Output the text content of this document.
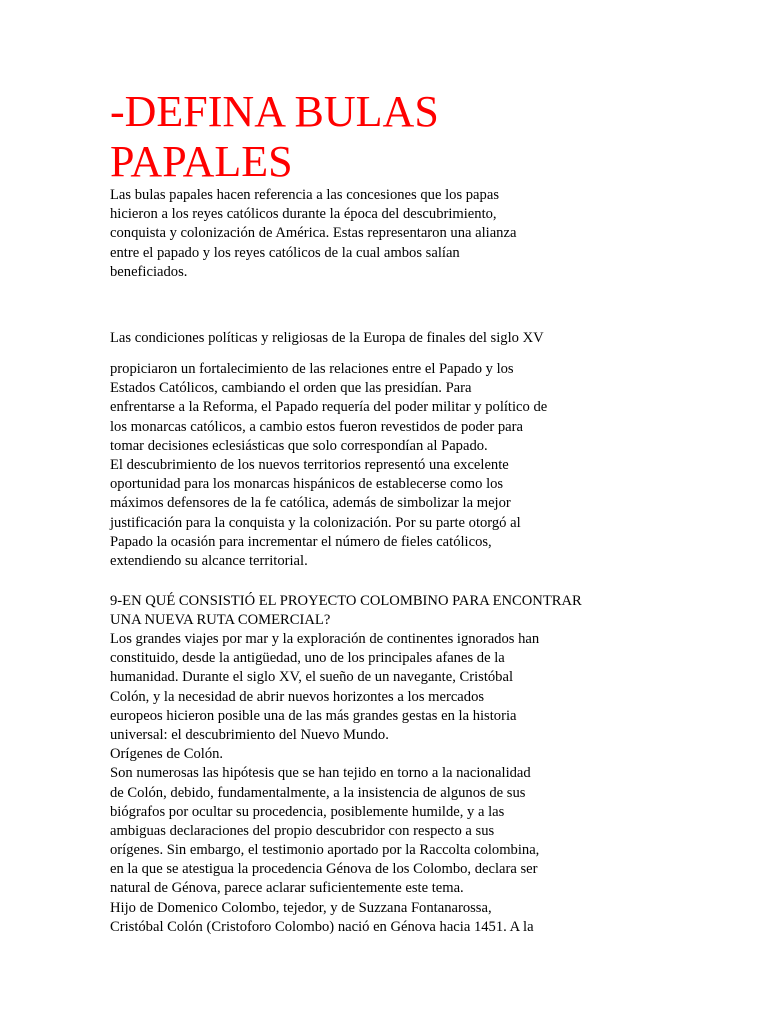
-DEFINA BULAS
PAPALES
Las bulas papales hacen referencia a las concesiones que los papas
hicieron a los reyes católicos durante la época del descubrimiento,
conquista y colonización de América. Estas representaron una alianza
entre el papado y los reyes católicos de la cual ambos salían
beneficiados.
Las condiciones políticas y religiosas de la Europa de finales del siglo XV
propiciaron un fortalecimiento de las relaciones entre el Papado y los
Estados Católicos, cambiando el orden que las presidían. Para
enfrentarse a la Reforma, el Papado requería del poder militar y político de
los monarcas católicos, a cambio estos fueron revestidos de poder para
tomar decisiones eclesiásticas que solo correspondían al Papado.
El descubrimiento de los nuevos territorios representó una excelente
oportunidad para los monarcas hispánicos de establecerse como los
máximos defensores de la fe católica, además de simbolizar la mejor
justificación para la conquista y la colonización. Por su parte otorgó al
Papado la ocasión para incrementar el número de fieles católicos,
extendiendo su alcance territorial.
9-EN QUÉ CONSISTIÓ EL PROYECTO COLOMBINO PARA ENCONTRAR
UNA NUEVA RUTA COMERCIAL?
Los grandes viajes por mar y la exploración de continentes ignorados han
constituido, desde la antigüedad, uno de los principales afanes de la
humanidad. Durante el siglo XV, el sueño de un navegante, Cristóbal
Colón, y la necesidad de abrir nuevos horizontes a los mercados
europeos hicieron posible una de las más grandes gestas en la historia
universal: el descubrimiento del Nuevo Mundo.
Orígenes de Colón.
Son numerosas las hipótesis que se han tejido en torno a la nacionalidad
de Colón, debido, fundamentalmente, a la insistencia de algunos de sus
biógrafos por ocultar su procedencia, posiblemente humilde, y a las
ambiguas declaraciones del propio descubridor con respecto a sus
orígenes. Sin embargo, el testimonio aportado por la Raccolta colombina,
en la que se atestigua la procedencia Génova de los Colombo, declara ser
natural de Génova, parece aclarar suficientemente este tema.
Hijo de Domenico Colombo, tejedor, y de Suzzana Fontanarossa,
Cristóbal Colón (Cristoforo Colombo) nació en Génova hacia 1451. A la
